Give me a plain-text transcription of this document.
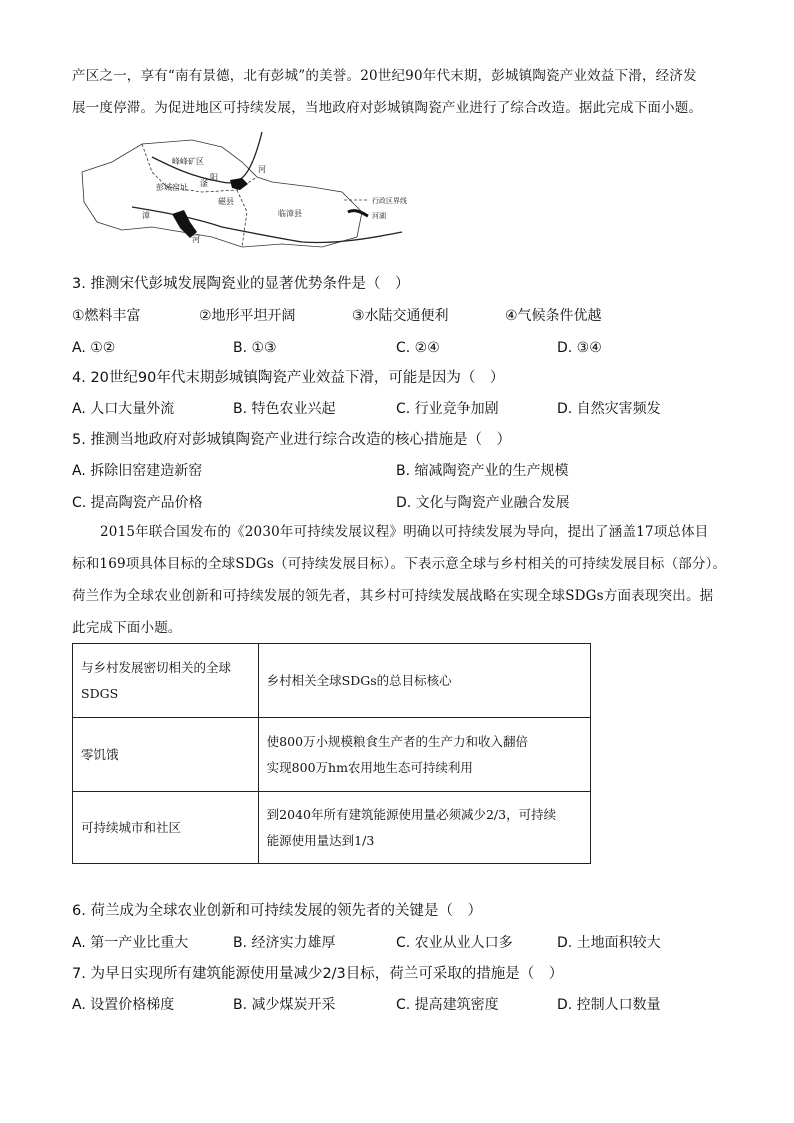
产区之一，享有“南有景德，北有彭城”的美誉。20世纪90年代末期，彭城镇陶瓷产业效益下滑，经济发
展一度停滞。为促进地区可持续发展，当地政府对彭城镇陶瓷产业进行了综合改造。据此完成下面小题。
峰峰矿区
彭城窑址 滏
阳
河
漳
磁县
临漳县
河
行政区界线
河湖
3. 推测宋代彭城发展陶瓷业的显著优势条件是（　）
①燃料丰富	②地形平坦开阔	③水陆交通便利	④气候条件优越
A. ①②	B. ①③	C. ②④	D. ③④
4. 20世纪90年代末期彭城镇陶瓷产业效益下滑，可能是因为（　）
A. 人口大量外流	B. 特色农业兴起	C. 行业竞争加剧	D. 自然灾害频发
5. 推测当地政府对彭城镇陶瓷产业进行综合改造的核心措施是（　）
A. 拆除旧窑建造新窑	B. 缩减陶瓷产业的生产规模
C. 提高陶瓷产品价格	D. 文化与陶瓷产业融合发展
2015年联合国发布的《2030年可持续发展议程》明确以可持续发展为导向，提出了涵盖17项总体目
标和169项具体目标的全球SDGs（可持续发展目标）。下表示意全球与乡村相关的可持续发展目标（部分）。
荷兰作为全球农业创新和可持续发展的领先者，其乡村可持续发展战略在实现全球SDGs方面表现突出。据
此完成下面小题。
与乡村发展密切相关的全球
SDGS	乡村相关全球SDGs的总目标核心
零饥饿	使800万小规模粮食生产者的生产力和收入翻倍
实现800万hm农用地生态可持续利用

可持续城市和社区	到2040年所有建筑能源使用量必须减少2/3，可持续
能源使用量达到1/3
6. 荷兰成为全球农业创新和可持续发展的领先者的关键是（　）
A. 第一产业比重大	B. 经济实力雄厚	C. 农业从业人口多	D. 土地面积较大
7. 为早日实现所有建筑能源使用量减少2/3目标，荷兰可采取的措施是（　）
A. 设置价格梯度	B. 减少煤炭开采	C. 提高建筑密度	D. 控制人口数量
